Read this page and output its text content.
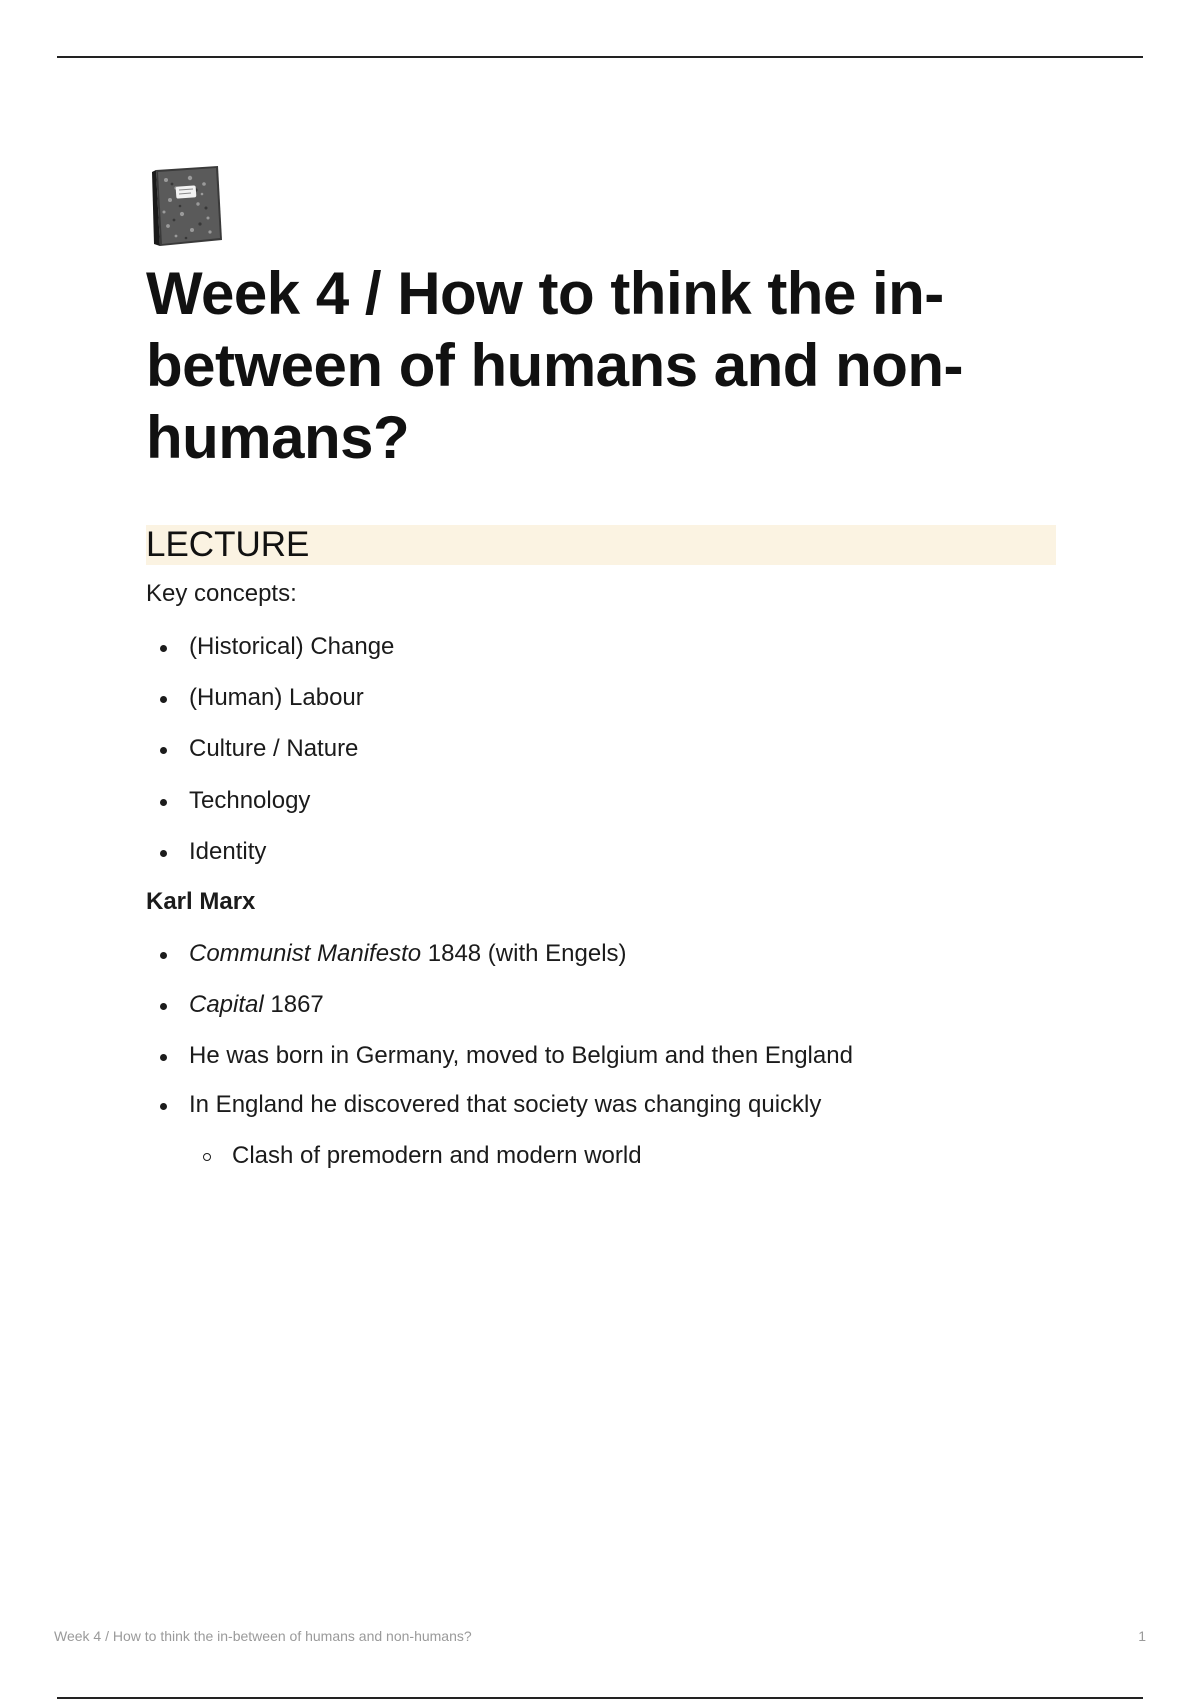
Week 4 / How to think the in-
between of humans and non-
humans?
LECTURE

Key concepts:

(Historical) Change
(Human) Labour
Culture / Nature
Technology
Identity

Karl Marx

Communist Manifesto 1848 (with Engels)
Capital 1867
He was born in Germany, moved to Belgium and then England
In England he discovered that society was changing quickly
Clash of premodern and modern world
Week 4 / How to think the in-between of humans and non-humans?	1
